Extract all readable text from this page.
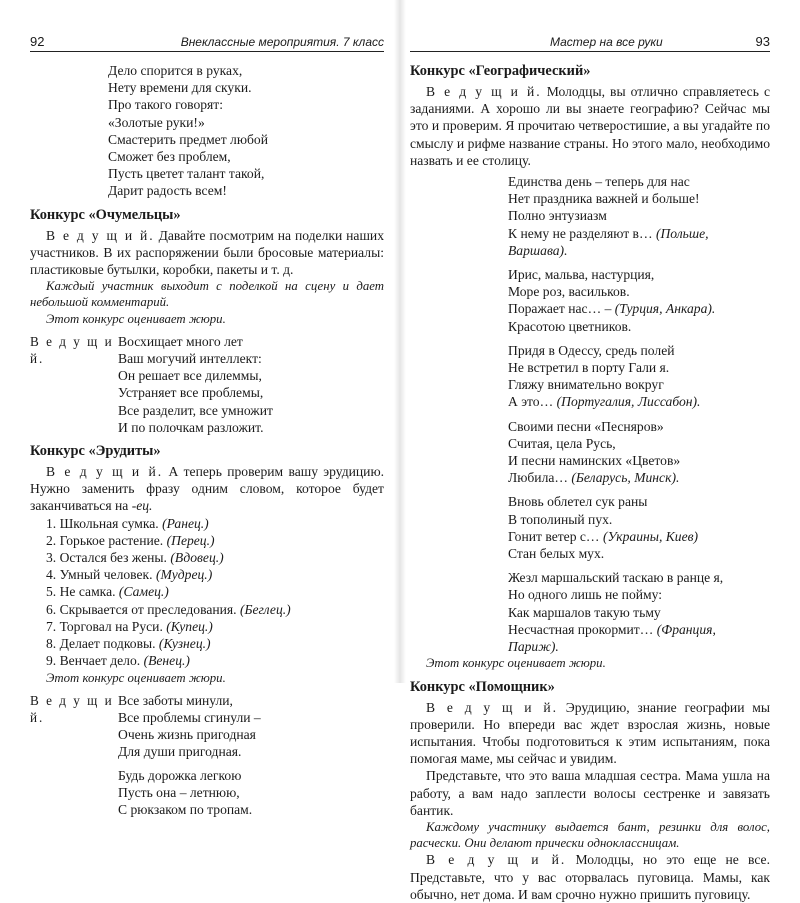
92	Внеклассные мероприятия. 7 класс

Дело спорится в руках,

Нету времени для скуки.

Про такого говорят:

«Золотые руки!»

Смастерить предмет любой

Сможет без проблем,

Пусть цветет талант такой,

Дарит радость всем!

Конкурс «Очумельцы»

В е д у щ и й. Давайте посмотрим на поделки наших участников. В их распоряжении были бросовые материалы: пластиковые бутылки, коробки, пакеты и т. д.

Каждый участник выходит с поделкой на сцену и дает небольшой комментарий.

Этот конкурс оценивает жюри.

В е д у щ и й.

Восхищает много лет

Ваш могучий интеллект:

Он решает все дилеммы,

Устраняет все проблемы,

Все разделит, все умножит

И по полочкам разложит.

Конкурс «Эрудиты»

В е д у щ и й. А теперь проверим вашу эрудицию. Нужно заменить фразу одним словом, которое будет заканчиваться на -ец.

1. Школьная сумка. (Ранец.)

2. Горькое растение. (Перец.)

3. Остался без жены. (Вдовец.)

4. Умный человек. (Мудрец.)

5. Не самка. (Самец.)

6. Скрывается от преследования. (Беглец.)

7. Торговал на Руси. (Купец.)

8. Делает подковы. (Кузнец.)

9. Венчает дело. (Венец.)

Этот конкурс оценивает жюри.

В е д у щ и й.

Все заботы минули,

Все проблемы сгинули –

Очень жизнь пригодная

Для души пригодная.

Будь дорожка легкою

Пусть она – летнюю,

С рюкзаком по тропам.

Мастер на все руки	93

Конкурс «Географический»

В е д у щ и й. Молодцы, вы отлично справляетесь с заданиями. А хорошо ли вы знаете географию? Сейчас мы это и проверим. Я прочитаю четверостишие, а вы угадайте по смыслу и рифме название страны. Но этого мало, необходимо назвать и ее столицу.

Единства день – теперь для нас

Нет праздника важней и больше!

Полно энтузиазм

К нему не разделяют в… (Польше, Варшава).

Ирис, мальва, настурция,

Море роз, васильков.

Поражает нас… – (Турция, Анкара).

Красотою цветников.

Придя в Одессу, средь полей

Не встретил в порту Гали я.

Гляжу внимательно вокруг

А это… (Португалия, Лиссабон).

Своими песни «Песняров»

Считая, цела Русь,

И песни наминских «Цветов»

Любила… (Беларусь, Минск).

Вновь облетел сук раны

В тополиный пух.

Гонит ветер с… (Украины, Киев)

Стан белых мух.

Жезл маршальский таскаю в ранце я,

Но одного лишь не пойму:

Как маршалов такую тьму

Несчастная прокормит… (Франция, Париж).

Этот конкурс оценивает жюри.

Конкурс «Помощник»

В е д у щ и й. Эрудицию, знание географии мы проверили. Но впереди вас ждет взрослая жизнь, новые испытания. Чтобы подготовиться к этим испытаниям, пока помогая маме, мы сейчас и увидим.

Представьте, что это ваша младшая сестра. Мама ушла на работу, а вам надо заплести волосы сестренке и завязать бантик.

Каждому участнику выдается бант, резинки для волос, расчески. Они делают прически одноклассницам.

В е д у щ и й. Молодцы, но это еще не все. Представьте, что у вас оторвалась пуговица. Мамы, как обычно, нет дома. И вам срочно нужно пришить пуговицу.
